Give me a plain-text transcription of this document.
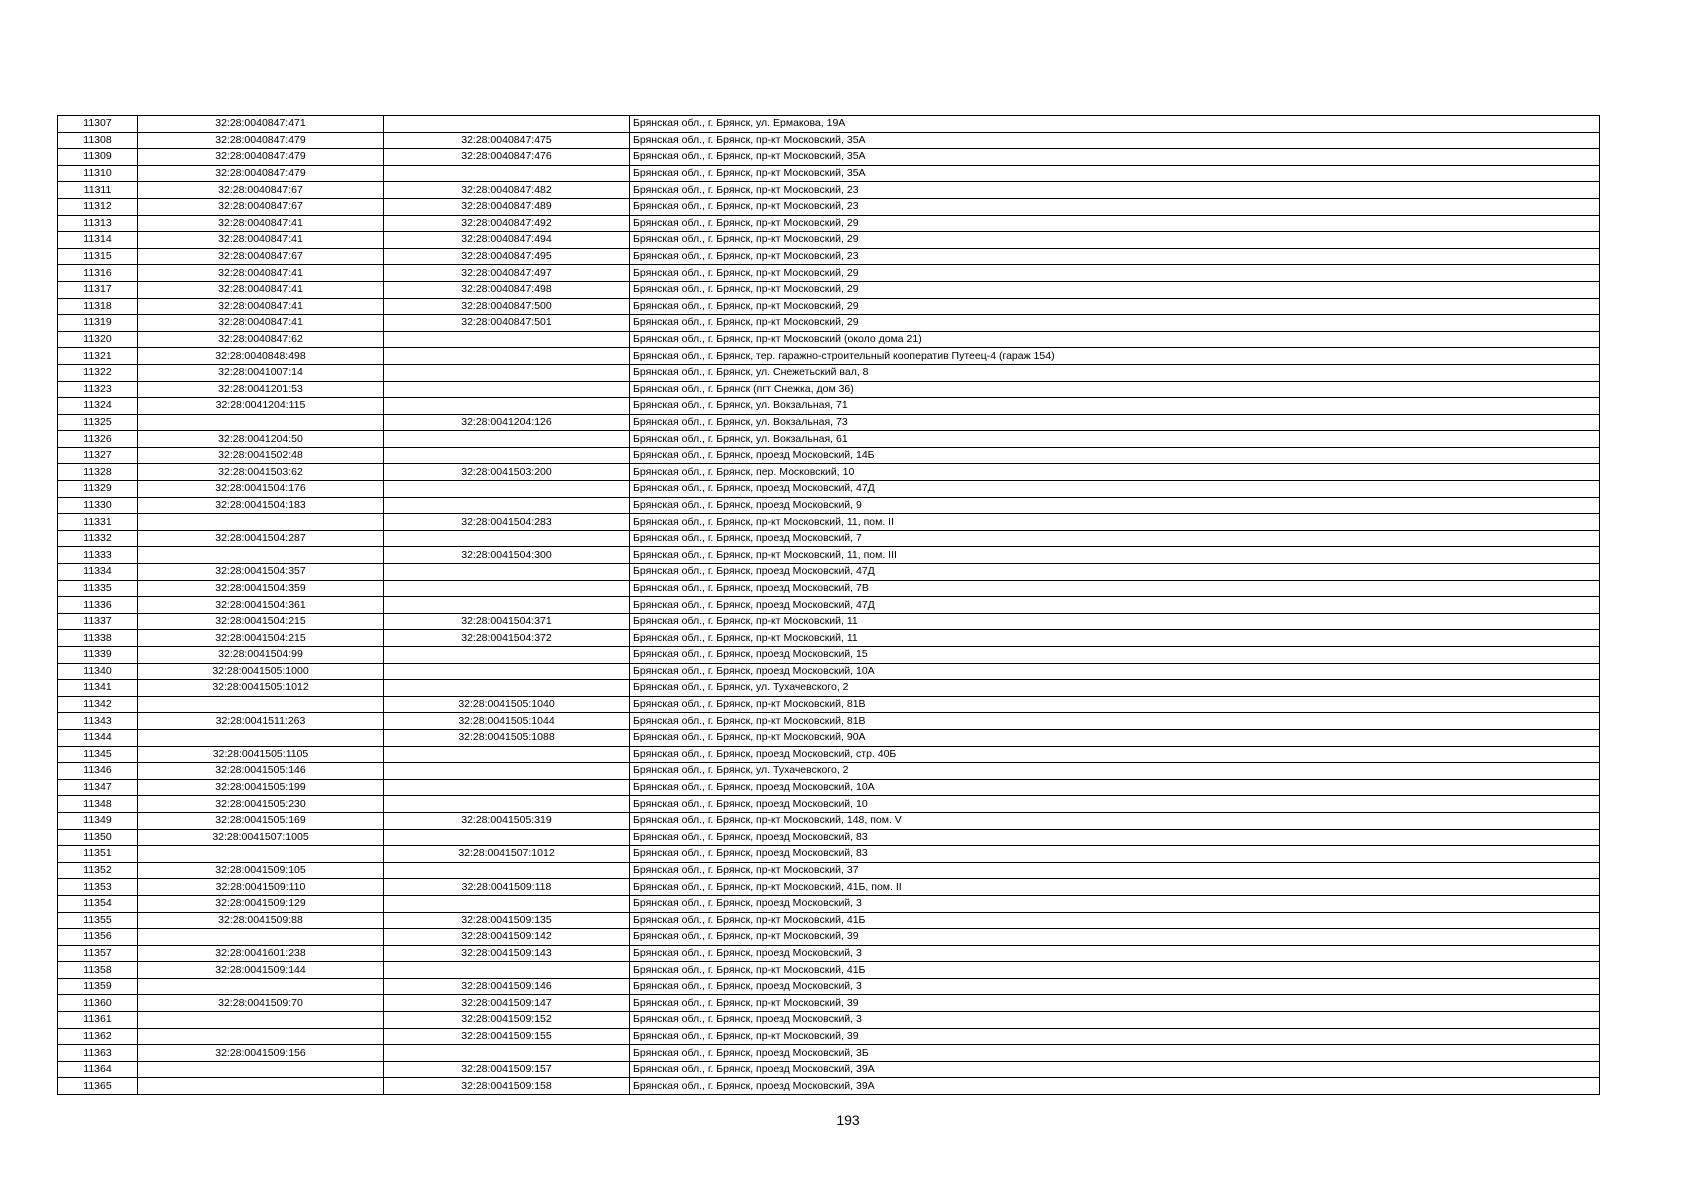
11307	32:28:0040847:471		Брянская обл., г. Брянск, ул. Ермакова, 19А
11308	32:28:0040847:479	32:28:0040847:475	Брянская обл., г. Брянск, пр-кт Московский, 35А
11309	32:28:0040847:479	32:28:0040847:476	Брянская обл., г. Брянск, пр-кт Московский, 35А
11310	32:28:0040847:479		Брянская обл., г. Брянск, пр-кт Московский, 35А
11311	32:28:0040847:67	32:28:0040847:482	Брянская обл., г. Брянск, пр-кт Московский, 23
11312	32:28:0040847:67	32:28:0040847:489	Брянская обл., г. Брянск, пр-кт Московский, 23
11313	32:28:0040847:41	32:28:0040847:492	Брянская обл., г. Брянск, пр-кт Московский, 29
11314	32:28:0040847:41	32:28:0040847:494	Брянская обл., г. Брянск, пр-кт Московский, 29
11315	32:28:0040847:67	32:28:0040847:495	Брянская обл., г. Брянск, пр-кт Московский, 23
11316	32:28:0040847:41	32:28:0040847:497	Брянская обл., г. Брянск, пр-кт Московский, 29
11317	32:28:0040847:41	32:28:0040847:498	Брянская обл., г. Брянск, пр-кт Московский, 29
11318	32:28:0040847:41	32:28:0040847:500	Брянская обл., г. Брянск, пр-кт Московский, 29
11319	32:28:0040847:41	32:28:0040847:501	Брянская обл., г. Брянск, пр-кт Московский, 29
11320	32:28:0040847:62		Брянская обл., г. Брянск, пр-кт Московский (около дома 21)
11321	32:28:0040848:498		Брянская обл., г. Брянск, тер. гаражно-строительный кооператив Путеец-4 (гараж 154)
11322	32:28:0041007:14		Брянская обл., г. Брянск, ул. Снежетьский вал, 8
11323	32:28:0041201:53		Брянская обл., г. Брянск (пгт Снежка, дом 36)
11324	32:28:0041204:115		Брянская обл., г. Брянск, ул. Вокзальная, 71
11325		32:28:0041204:126	Брянская обл., г. Брянск, ул. Вокзальная, 73
11326	32:28:0041204:50		Брянская обл., г. Брянск, ул. Вокзальная, 61
11327	32:28:0041502:48		Брянская обл., г. Брянск, проезд Московский, 14Б
11328	32:28:0041503:62	32:28:0041503:200	Брянская обл., г. Брянск, пер. Московский, 10
11329	32:28:0041504:176		Брянская обл., г. Брянск, проезд Московский, 47Д
11330	32:28:0041504:183		Брянская обл., г. Брянск, проезд Московский, 9
11331		32:28:0041504:283	Брянская обл., г. Брянск, пр-кт Московский, 11, пом. II
11332	32:28:0041504:287		Брянская обл., г. Брянск, проезд Московский, 7
11333		32:28:0041504:300	Брянская обл., г. Брянск, пр-кт Московский, 11, пом. III
11334	32:28:0041504:357		Брянская обл., г. Брянск, проезд Московский, 47Д
11335	32:28:0041504:359		Брянская обл., г. Брянск, проезд Московский, 7В
11336	32:28:0041504:361		Брянская обл., г. Брянск, проезд Московский, 47Д
11337	32:28:0041504:215	32:28:0041504:371	Брянская обл., г. Брянск, пр-кт Московский, 11
11338	32:28:0041504:215	32:28:0041504:372	Брянская обл., г. Брянск, пр-кт Московский, 11
11339	32:28:0041504:99		Брянская обл., г. Брянск, проезд Московский, 15
11340	32:28:0041505:1000		Брянская обл., г. Брянск, проезд Московский, 10А
11341	32:28:0041505:1012		Брянская обл., г. Брянск, ул. Тухачевского, 2
11342		32:28:0041505:1040	Брянская обл., г. Брянск, пр-кт Московский, 81В
11343	32:28:0041511:263	32:28:0041505:1044	Брянская обл., г. Брянск, пр-кт Московский, 81В
11344		32:28:0041505:1088	Брянская обл., г. Брянск, пр-кт Московский, 90А
11345	32:28:0041505:1105		Брянская обл., г. Брянск, проезд Московский, стр. 40Б
11346	32:28:0041505:146		Брянская обл., г. Брянск, ул. Тухачевского, 2
11347	32:28:0041505:199		Брянская обл., г. Брянск, проезд Московский, 10А
11348	32:28:0041505:230		Брянская обл., г. Брянск, проезд Московский, 10
11349	32:28:0041505:169	32:28:0041505:319	Брянская обл., г. Брянск, пр-кт Московский, 148, пом. V
11350	32:28:0041507:1005		Брянская обл., г. Брянск, проезд Московский, 83
11351		32:28:0041507:1012	Брянская обл., г. Брянск, проезд Московский, 83
11352	32:28:0041509:105		Брянская обл., г. Брянск, пр-кт Московский, 37
11353	32:28:0041509:110	32:28:0041509:118	Брянская обл., г. Брянск, пр-кт Московский, 41Б, пом. II
11354	32:28:0041509:129		Брянская обл., г. Брянск, проезд Московский, 3
11355	32:28:0041509:88	32:28:0041509:135	Брянская обл., г. Брянск, пр-кт Московский, 41Б
11356		32:28:0041509:142	Брянская обл., г. Брянск, пр-кт Московский, 39
11357	32:28:0041601:238	32:28:0041509:143	Брянская обл., г. Брянск, проезд Московский, 3
11358	32:28:0041509:144		Брянская обл., г. Брянск, пр-кт Московский, 41Б
11359		32:28:0041509:146	Брянская обл., г. Брянск, проезд Московский, 3
11360	32:28:0041509:70	32:28:0041509:147	Брянская обл., г. Брянск, пр-кт Московский, 39
11361		32:28:0041509:152	Брянская обл., г. Брянск, проезд Московский, 3
11362		32:28:0041509:155	Брянская обл., г. Брянск, пр-кт Московский, 39
11363	32:28:0041509:156		Брянская обл., г. Брянск, проезд Московский, 3Б
11364		32:28:0041509:157	Брянская обл., г. Брянск, проезд Московский, 39А
11365		32:28:0041509:158	Брянская обл., г. Брянск, проезд Московский, 39А
193
